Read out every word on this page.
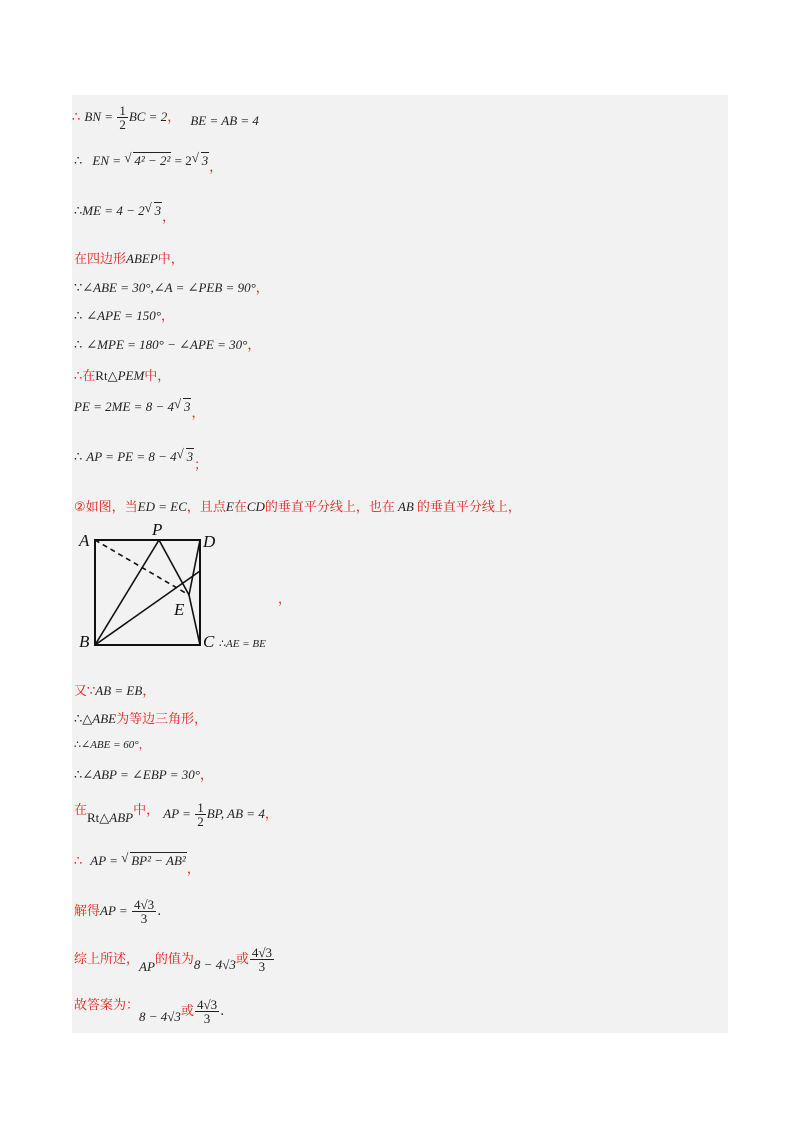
∴ BN = $\frac{1}{2}$ BC = 2， BE = AB = 4
∴ EN = √ 4² − 2² = 2 √ 3，
∴ME = 4 − 2 √ 3，
在四边形ABEP中，
∵∠ABE = 30°,∠A = ∠PEB = 90°，
∴ ∠APE = 150°，
∴ ∠MPE = 180° − ∠APE = 30°，
∴在Rt△PEM中，
PE = 2ME = 8 − 4 √ 3，
∴ AP = PE = 8 − 4 √ 3；
②如图，当ED = EC，且点E在CD的垂直平分线上，也在 AB 的垂直平分线上，
A
P
D
E
B	C ∴AE = BE
，
又∵AB = EB，
∴△ABE为等边三角形，
∴∠ABE = 60°，
∴∠ABP = ∠EBP = 30°，
在Rt△ABP中， AP = $\frac{1}{2}$ BP, AB = 4，
∴ AP = √ BP² − AB²，
解得AP = $\frac{4√3}{3}$ .
综上所述，AP的值为8 − 4√3或 $\frac{4√3}{3}$
故答案为：8 − 4√3或 $\frac{4√3}{3}$ .
